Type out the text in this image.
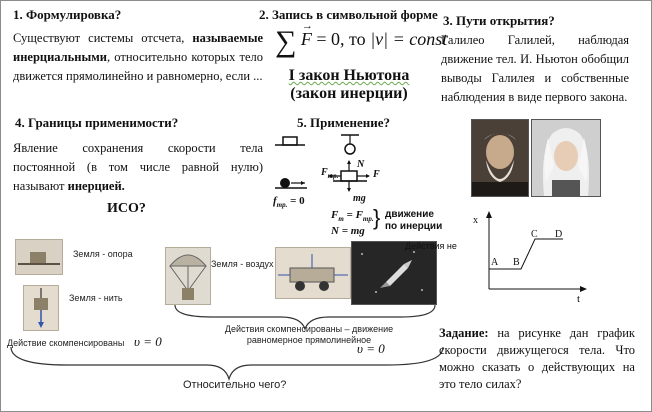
1. Формулировка?
Существуют системы отсчета, называемые инерциальными, относительно которых тело движется прямолинейно и равномерно, если ...
2. Запись в символьной форме
∑ →
F = 0, то |v| = const
I закон Ньютона
(закон инерции)
3. Пути открытия?
Галилео Галилей, наблюдая движение тел. И. Ньютон обобщил выводы Галилея и собственные наблюдения в виде первого закона.
4. Границы применимости?
Явление сохранения скорости тела постоянной (в том числе равной нулю) называют инерцией.
ИСО?
5. Применение?
$f_{тр.} = 0$
$F_{тр.}$
N
F
mg
$F_т = F_{тр.}$
N = mg
} движение
по инерции
Земля - опора
Земля - нить
Действие скомпенсированы υ = 0
Земля - воздух
Действия не
Действия скомпенсированы – движение
равномерное прямолинейное
υ = 0
Относительно чего?
x
t
A B
C D
Задание: на рисунке дан график скорости движущегося тела. Что можно сказать о действующих на это тело силах?
